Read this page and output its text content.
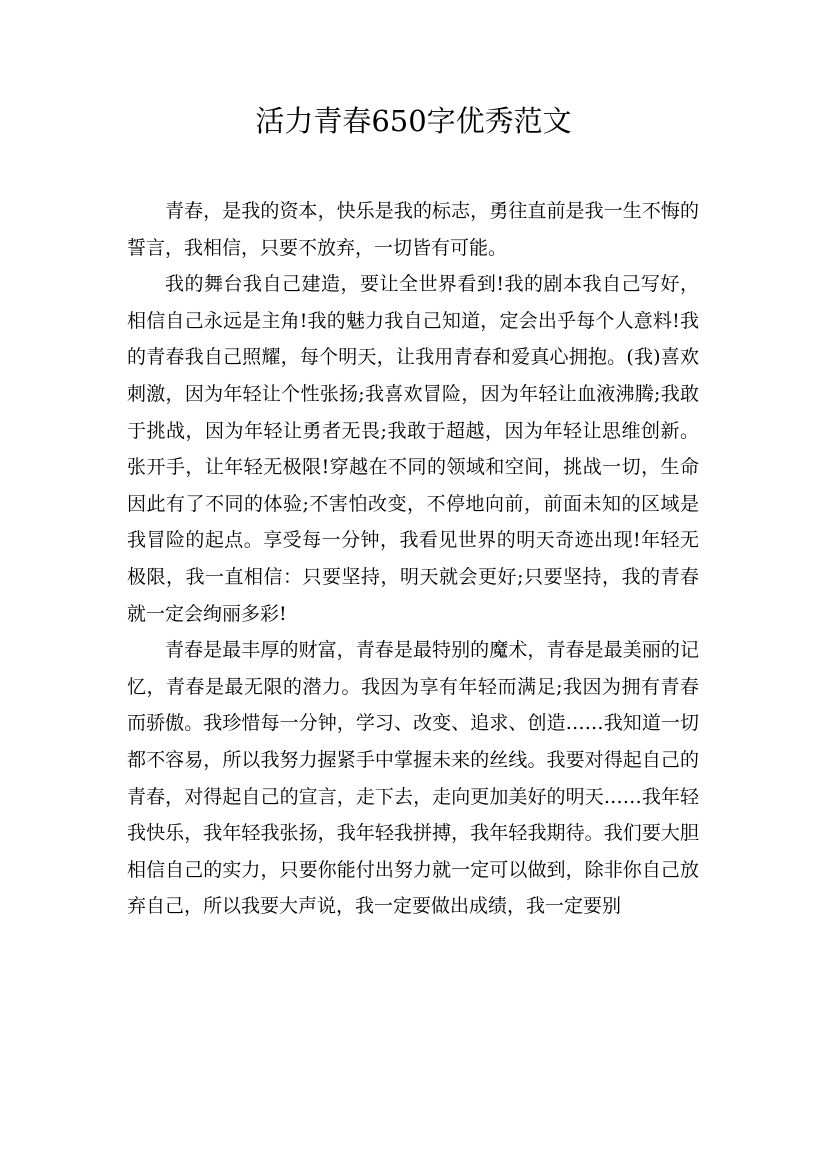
活力青春650字优秀范文

青春，是我的资本，快乐是我的标志，勇往直前是我一生不悔的誓言，我相信，只要不放弃，一切皆有可能。

我的舞台我自己建造，要让全世界看到!我的剧本我自己写好，相信自己永远是主角!我的魅力我自己知道，定会出乎每个人意料!我的青春我自己照耀，每个明天，让我用青春和爱真心拥抱。(我)喜欢刺激，因为年轻让个性张扬;我喜欢冒险，因为年轻让血液沸腾;我敢于挑战，因为年轻让勇者无畏;我敢于超越，因为年轻让思维创新。张开手，让年轻无极限!穿越在不同的领域和空间，挑战一切，生命因此有了不同的体验;不害怕改变，不停地向前，前面未知的区域是我冒险的起点。享受每一分钟，我看见世界的明天奇迹出现!年轻无极限，我一直相信：只要坚持，明天就会更好;只要坚持，我的青春就一定会绚丽多彩!

青春是最丰厚的财富，青春是最特别的魔术，青春是最美丽的记忆，青春是最无限的潜力。我因为享有年轻而满足;我因为拥有青春而骄傲。我珍惜每一分钟，学习、改变、追求、创造……我知道一切都不容易，所以我努力握紧手中掌握未来的丝线。我要对得起自己的青春，对得起自己的宣言，走下去，走向更加美好的明天……我年轻我快乐，我年轻我张扬，我年轻我拼搏，我年轻我期待。我们要大胆相信自己的实力，只要你能付出努力就一定可以做到，除非你自己放弃自己，所以我要大声说，我一定要做出成绩，我一定要别
